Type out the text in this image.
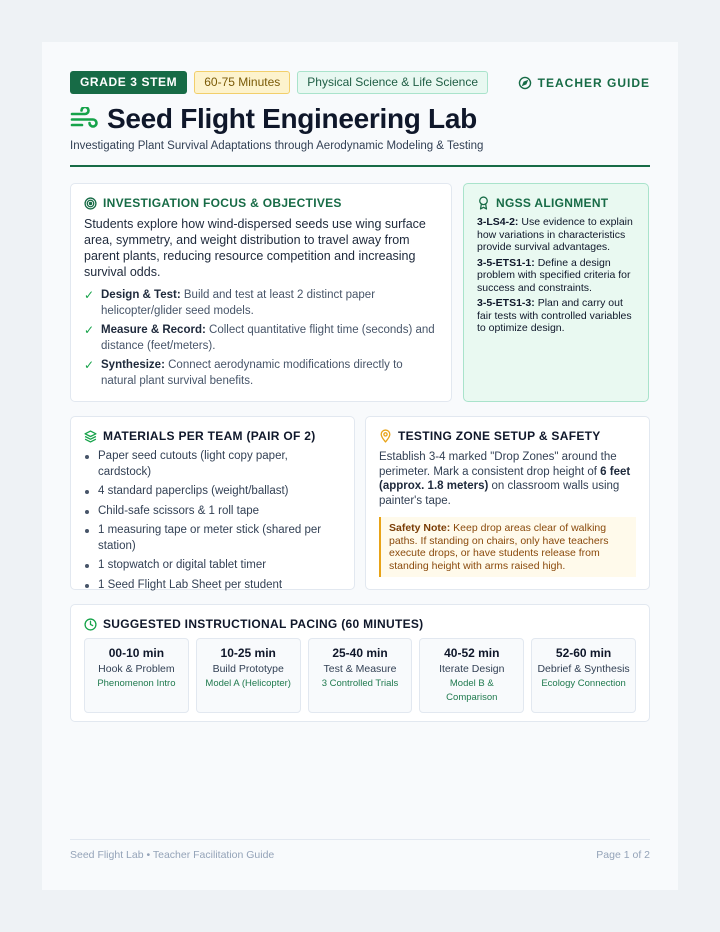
GRADE 3 STEM	60-75 Minutes	Physical Science & Life Science	TEACHER GUIDE
Seed Flight Engineering Lab
Investigating Plant Survival Adaptations through Aerodynamic Modeling & Testing
INVESTIGATION FOCUS & OBJECTIVES

Students explore how wind-dispersed seeds use wing surface area, symmetry, and weight distribution to travel away from parent plants, reducing resource competition and increasing survival odds.

✓ Design & Test: Build and test at least 2 distinct paper helicopter/glider seed models.
✓ Measure & Record: Collect quantitative flight time (seconds) and distance (feet/meters).
✓ Synthesize: Connect aerodynamic modifications directly to natural plant survival benefits.
NGSS ALIGNMENT

3-LS4-2: Use evidence to explain how variations in characteristics provide survival advantages.

3-5-ETS1-1: Define a design problem with specified criteria for success and constraints.

3-5-ETS1-3: Plan and carry out fair tests with controlled variables to optimize design.

MATERIALS PER TEAM (PAIR OF 2)
Paper seed cutouts (light copy paper, cardstock)
4 standard paperclips (weight/ballast)
Child-safe scissors & 1 roll tape
1 measuring tape or meter stick (shared per station)
1 stopwatch or digital tablet timer
1 Seed Flight Lab Sheet per student
TESTING ZONE SETUP & SAFETY

Establish 3-4 marked "Drop Zones" around the perimeter. Mark a consistent drop height of 6 feet (approx. 1.8 meters) on classroom walls using painter's tape.

Safety Note: Keep drop areas clear of walking paths. If standing on chairs, only have teachers execute drops, or have students release from standing height with arms raised high.
SUGGESTED INSTRUCTIONAL PACING (60 MINUTES)
00-10 min
Hook & Problem
Phenomenon Intro
10-25 min
Build Prototype
Model A (Helicopter)
25-40 min
Test & Measure
3 Controlled Trials
40-52 min
Iterate Design
Model B & Comparison
52-60 min
Debrief & Synthesis
Ecology Connection
Seed Flight Lab • Teacher Facilitation Guide	Page 1 of 2
